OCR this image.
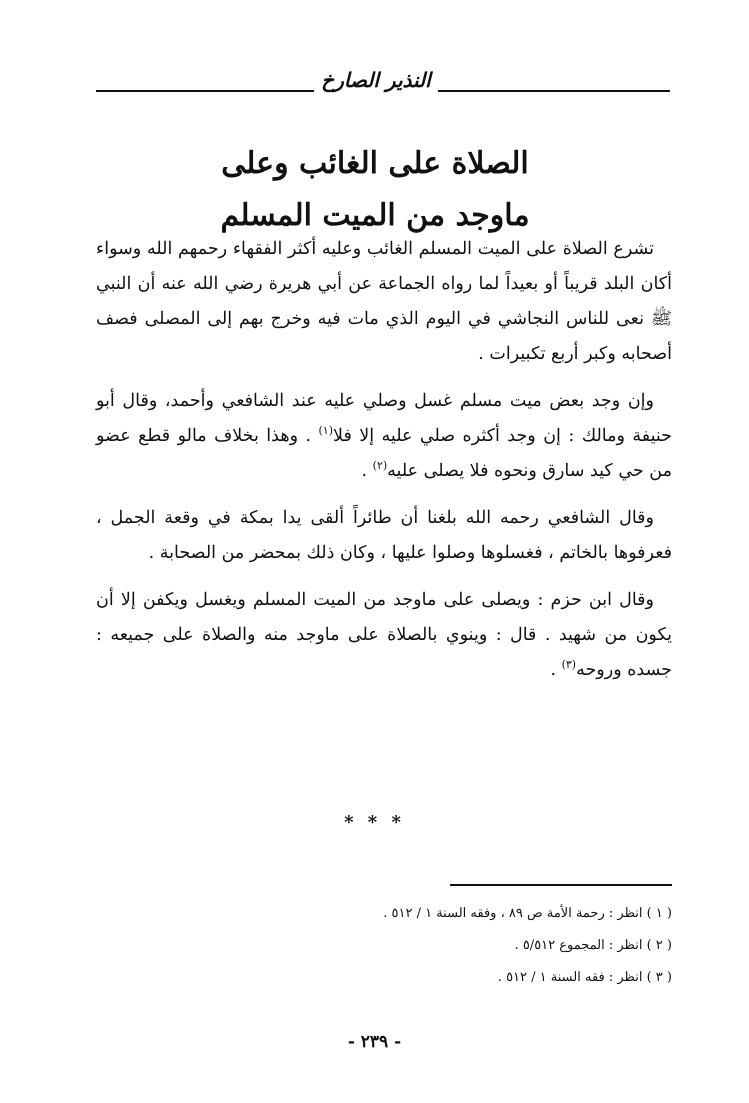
النذير الصارخ
الصلاة على الغائب وعلى
ماوجد من الميت المسلم

تشرع الصلاة على الميت المسلم الغائب وعليه أكثر الفقهاء رحمهم الله وسواء أكان البلد قريباً أو بعيداً لما رواه الجماعة عن أبي هريرة رضي الله عنه أن النبي ﷺ نعى للناس النجاشي في اليوم الذي مات فيه وخرج بهم إلى المصلى فصف أصحابه وكبر أربع تكبيرات .

وإن وجد بعض ميت مسلم غسل وصلي عليه عند الشافعي وأحمد، وقال أبو حنيفة ومالك : إن وجد أكثره صلي عليه إلا فلا$^{(١)}$ . وهذا بخلاف مالو قطع عضو من حي كيد سارق ونحوه فلا يصلى عليه$^{(٢)}$ .

وقال الشافعي رحمه الله بلغنا أن طائراً ألقى يدا بمكة في وقعة الجمل ، فعرفوها بالخاتم ، فغسلوها وصلوا عليها ، وكان ذلك بمحضر من الصحابة .

وقال ابن حزم : ويصلى على ماوجد من الميت المسلم ويغسل ويكفن إلا أن يكون من شهيد . قال : وينوي بالصلاة على ماوجد منه والصلاة على جميعه : جسده وروحه$^{(٣)}$ .

* * *
( ١ ) انظر : رحمة الأمة ص ٨٩ ، وفقه السنة ١ / ٥١٢ .
( ٢ ) انظر : المجموع ٥/٥١٢ .
( ٣ ) انظر : فقه السنة ١ / ٥١٢ .
- ٢٣٩ -
